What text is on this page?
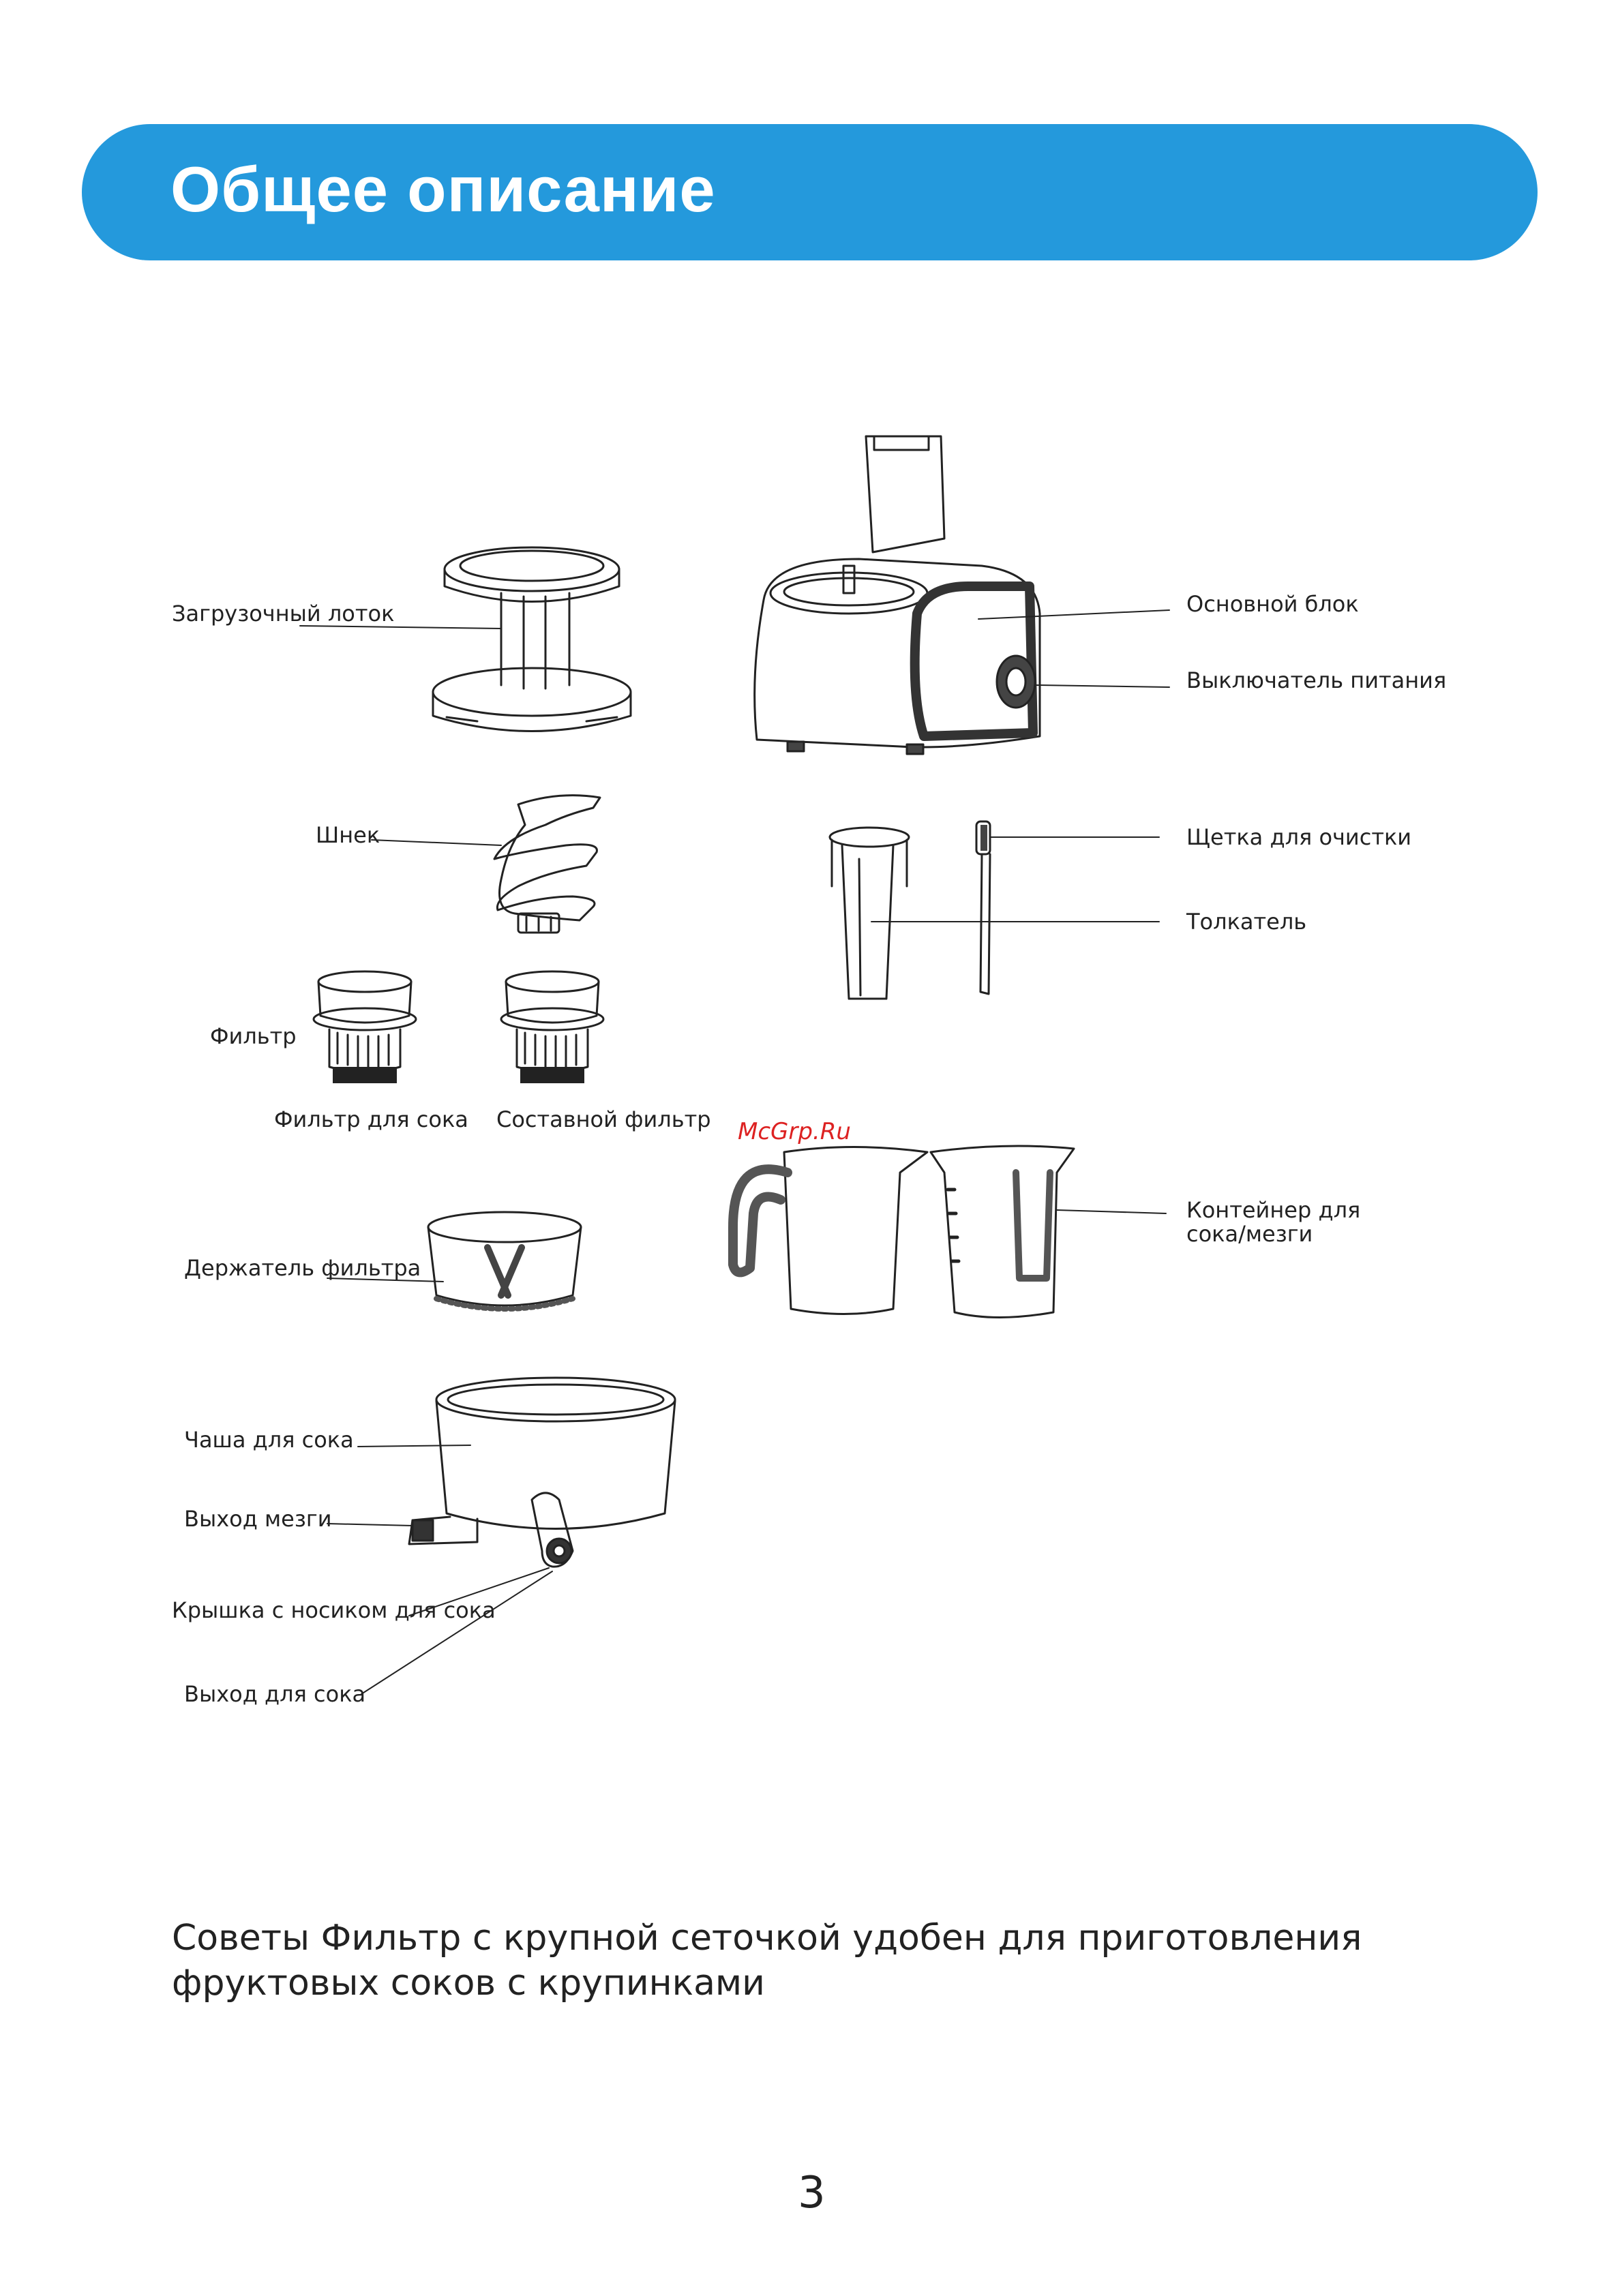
Общее описание
Загрузочный лоток
Шнек
Фильтр
Фильтр для сока Составной фильтр
Держатель фильтра
Чаша для сока
Выход мезги
Крышка с носиком для сока
Выход для сока
Основной блок
Выключатель питания
Щетка для очистки
Толкатель
Контейнер для
сока/мезги
McGrp.Ru
Советы Фильтр с крупной сеточкой удобен для приготовления
фруктовых соков с крупинками
3
